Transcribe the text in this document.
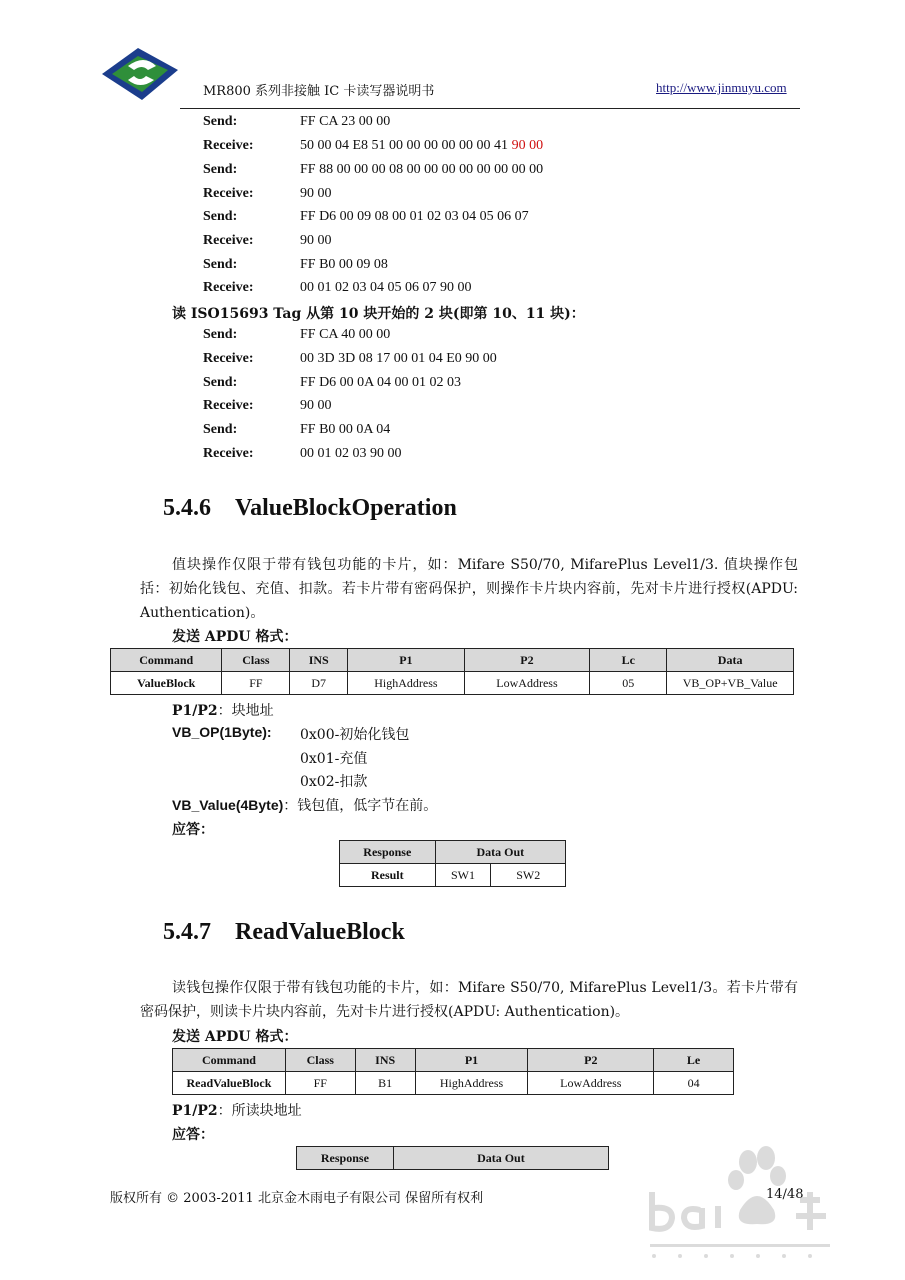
MR800 系列非接触 IC 卡读写器说明书	http://www.jinmuyu.com
Send:	FF CA 23 00 00
Receive:	50 00 04 E8 51 00 00 00 00 00 00 41 90 00
Send:	FF 88 00 00 00 08 00 00 00 00 00 00 00 00
Receive:	90 00
Send:	FF D6 00 09 08 00 01 02 03 04 05 06 07
Receive:	90 00
Send:	FF B0 00 09 08
Receive:	00 01 02 03 04 05 06 07 90 00
读 ISO15693 Tag 从第 10 块开始的 2 块(即第 10、11 块)：
Send:	FF CA 40 00 00
Receive:	00 3D 3D 08 17 00 01 04 E0 90 00
Send:	FF D6 00 0A 04 00 01 02 03
Receive:	90 00
Send:	FF B0 00 0A 04
Receive:	00 01 02 03 90 00
5.4.6 ValueBlockOperation
值块操作仅限于带有钱包功能的卡片，如：Mifare S50/70, MifarePlus Level1/3. 值块操作包括：初始化钱包、充值、扣款。若卡片带有密码保护，则操作卡片块内容前，先对卡片进行授权(APDU: Authentication)。
发送 APDU 格式：
Command	Class	INS	P1	P2	Lc	Data
ValueBlock	FF	D7	HighAddress	LowAddress	05	VB_OP+VB_Value
P1/P2：块地址
VB_OP(1Byte): 0x00-初始化钱包
0x01-充值
0x02-扣款
VB_Value(4Byte)：钱包值，低字节在前。
应答：
Response	Data Out	
Result	SW1	SW2
5.4.7 ReadValueBlock
读钱包操作仅限于带有钱包功能的卡片，如：Mifare S50/70, MifarePlus Level1/3。若卡片带有密码保护，则读卡片块内容前，先对卡片进行授权(APDU: Authentication)。
发送 APDU 格式：
Command	Class	INS	P1	P2	Le
ReadValueBlock	FF	B1	HighAddress	LowAddress	04
P1/P2：所读块地址
应答：
Response	Data Out
版权所有 © 2003-2011 北京金木雨电子有限公司 保留所有权利	14/48
